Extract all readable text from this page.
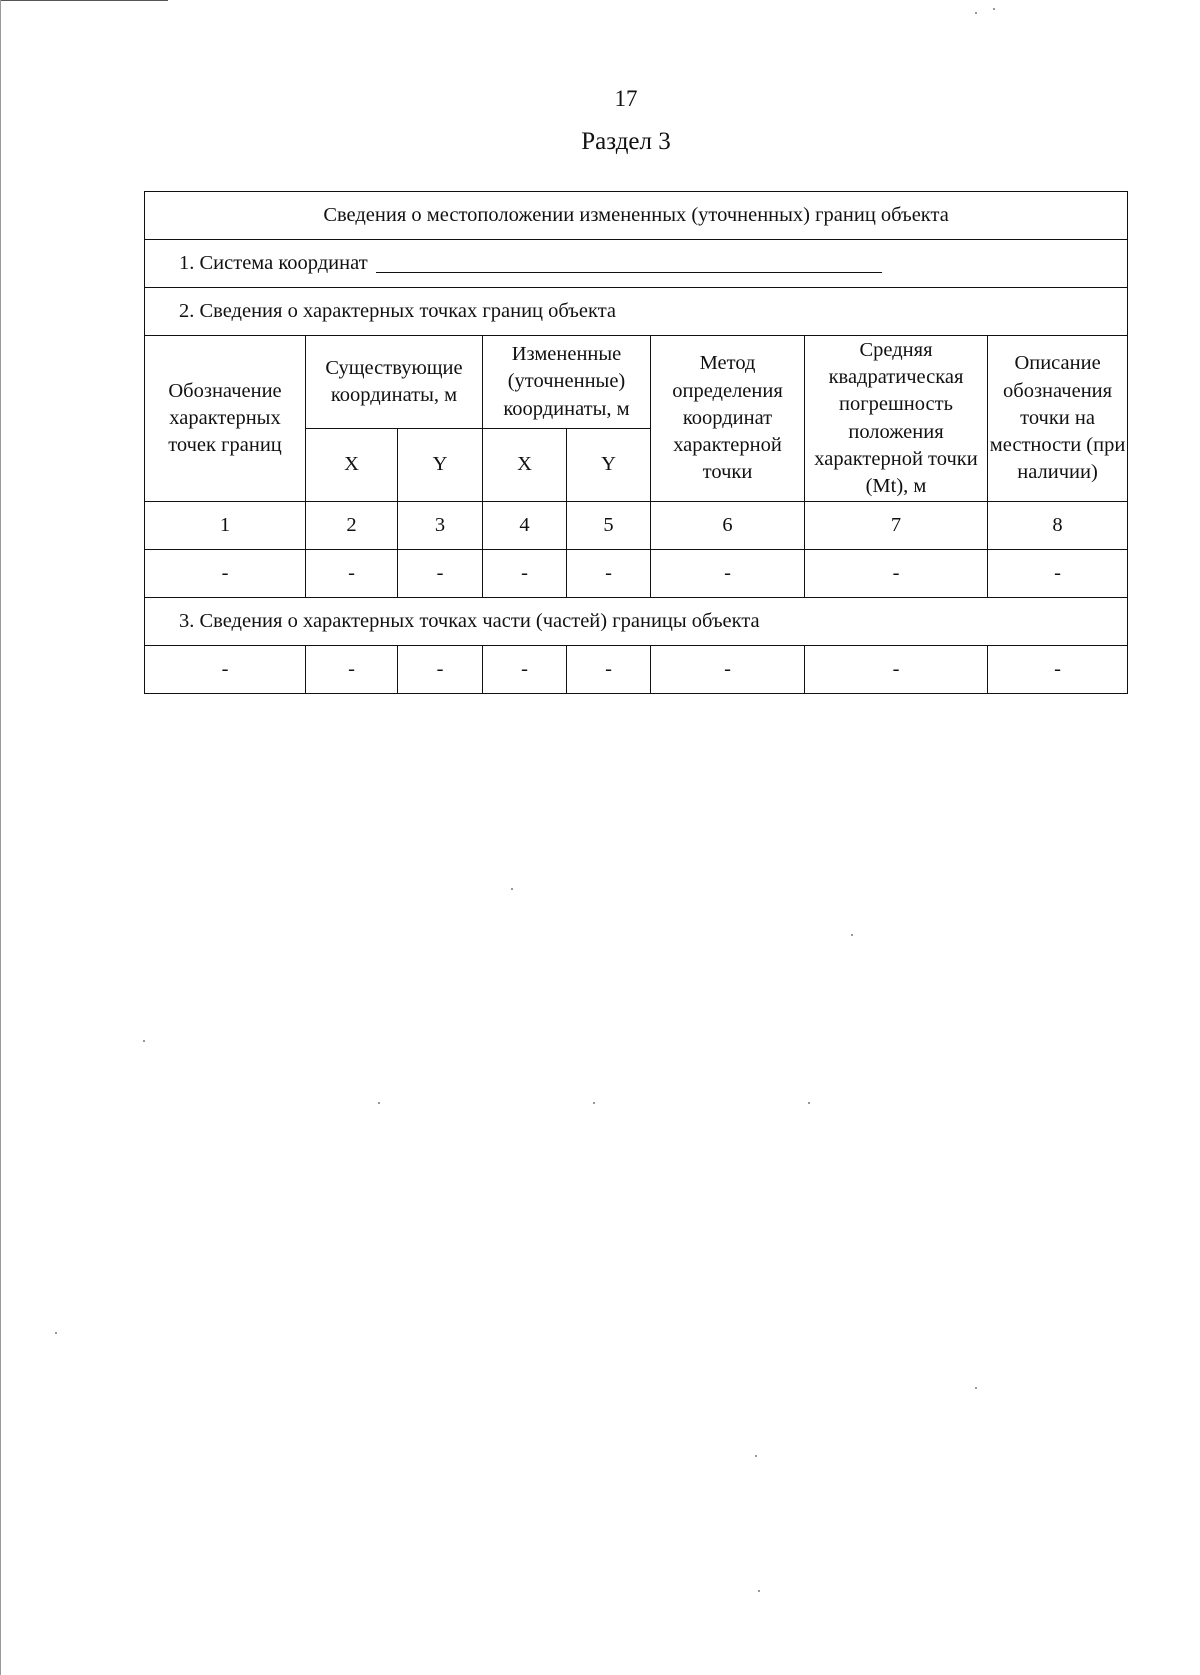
17
Раздел 3
Сведения о местоположении измененных (уточненных) границ объекта							
1. Система координат							
2. Сведения о характерных точках границ объекта							
Обозначение характерных точек границ	Существующие координаты, м		Измененные (уточненные) координаты, м		Метод определения координат характерной точки	Средняя квадратическая погрешность положения характерной точки (Mt), м	Описание обозначения точки на местности (при наличии)
	X	Y	X	Y			
1	2	3	4	5	6	7	8
-	-	-	-	-	-	-	-
3. Сведения о характерных точках части (частей) границы объекта							
-	-	-	-	-	-	-	-
